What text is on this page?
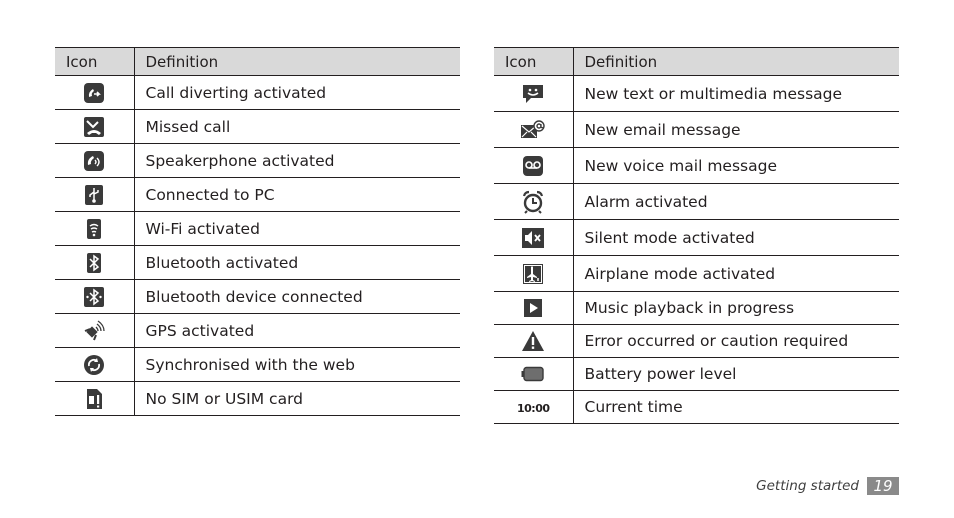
Icon	Definition

	Call diverting activated

	Missed call

	Speakerphone activated

	Connected to PC

	Wi-Fi activated

	Bluetooth activated

	Bluetooth device connected

	GPS activated

	Synchronised with the web

	No SIM or USIM card
Icon	Definition

	New text or multimedia message

	New email message

	New voice mail message

	Alarm activated

	Silent mode activated

	Airplane mode activated

	Music playback in progress

	Error occurred or caution required

	Battery power level
10:00	Current time
Getting started 19
